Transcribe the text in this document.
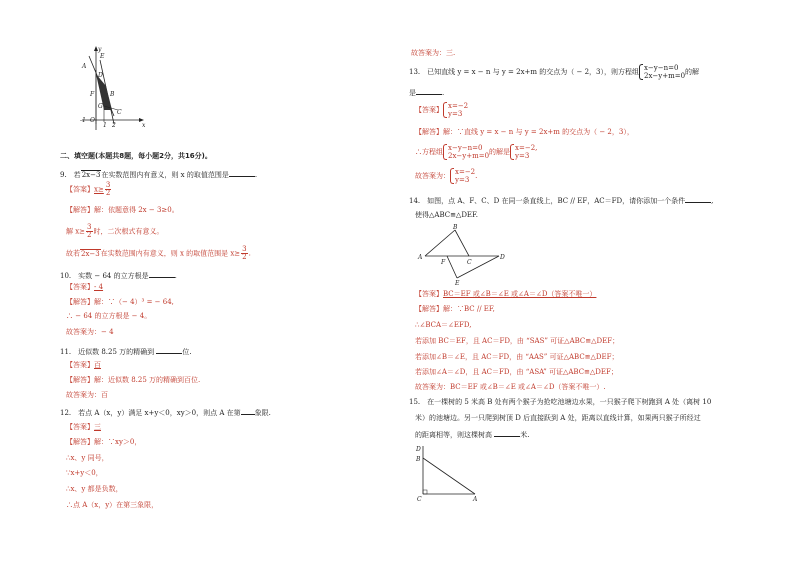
y
E
A
D
F	B
G
C
O
-1
1 2	x
二、填空题(本题共8题，每小题2分，共16分)。
9.　若2x−3在实数范围内有意义，则 x 的取值范围是	.
【答案】$x\ge \frac{3}{2}$
【解答】解：依题意得 2x − 3≥0。
解 $x\ge \frac{3}{2}$ 时，二次根式有意义。
故若2x−3在实数范围内有意义，则 x 的取值范围是 $x\ge \frac{3}{2}$ .
10.　实数 − 64 的立方根是	.
【答案】- 4
【解答】解：∵（− 4）³ = − 64,
∴ − 64 的立方根是 − 4。
故答案为：− 4
11.　近似数 8.25 万的精确到	位.
【答案】百
【解答】解：近似数 8.25 万的精确到百位.
故答案为：百
12.　若点 A（x，y）满足 x+y＜0，xy＞0，则点 A 在第 象限.
【答案】三
【解答】解：∵xy＞0，
∴x、y 同号，
∵x+y＜0，
∴x、y 都是负数，
∴点 A（x，y）在第三象限，
故答案为：三.
13.　已知直线 y = x − n 与 y = 2x+m 的交点为（ − 2，3），则方程组 x−y−n=0
2x−y+m=0 的解
是	.
【答案】 x=−2
y=3
【解答】解：∵直线 y = x − n 与 y = 2x+m 的交点为（ − 2，3），
∴方程组 x−y−n=0
2x−y+m=0 的解是 x=−2,
y=3
故答案为： x=−2
y=3 .
14.　如图，点 A、F、C、D 在同一条直线上，BC // EF，AC＝FD，请你添加一个条件	,
使得△ABC≌△DEF.
B
A
F	C
D
E
【答案】BC＝EF 或∠B＝∠E 或∠A＝∠D（答案不唯一）
【解答】解：∵BC // EF,
∴∠BCA＝∠EFD,
若添加 BC＝EF，且 AC＝FD，由 “SAS” 可证△ABC≌△DEF；
若添加∠B＝∠E，且 AC＝FD，由 “AAS” 可证△ABC≌△DEF；
若添加∠A＝∠D，且 AC＝FD，由 “ASA” 可证△ABC≌△DEF；
故答案为：BC＝EF 或∠B＝∠E 或∠A＝∠D（答案不唯一）.
15.　在一棵树的 5 米高 B 处有两个猴子为抢吃池塘边水果，一只猴子爬下树跑到 A 处（离树 10
米）的池塘边。另一只爬到树顶 D 后直接跃到 A 处，距离以直线计算，如果两只猴子所经过
的距离相等，则这棵树高	米.
D
B
C	A
